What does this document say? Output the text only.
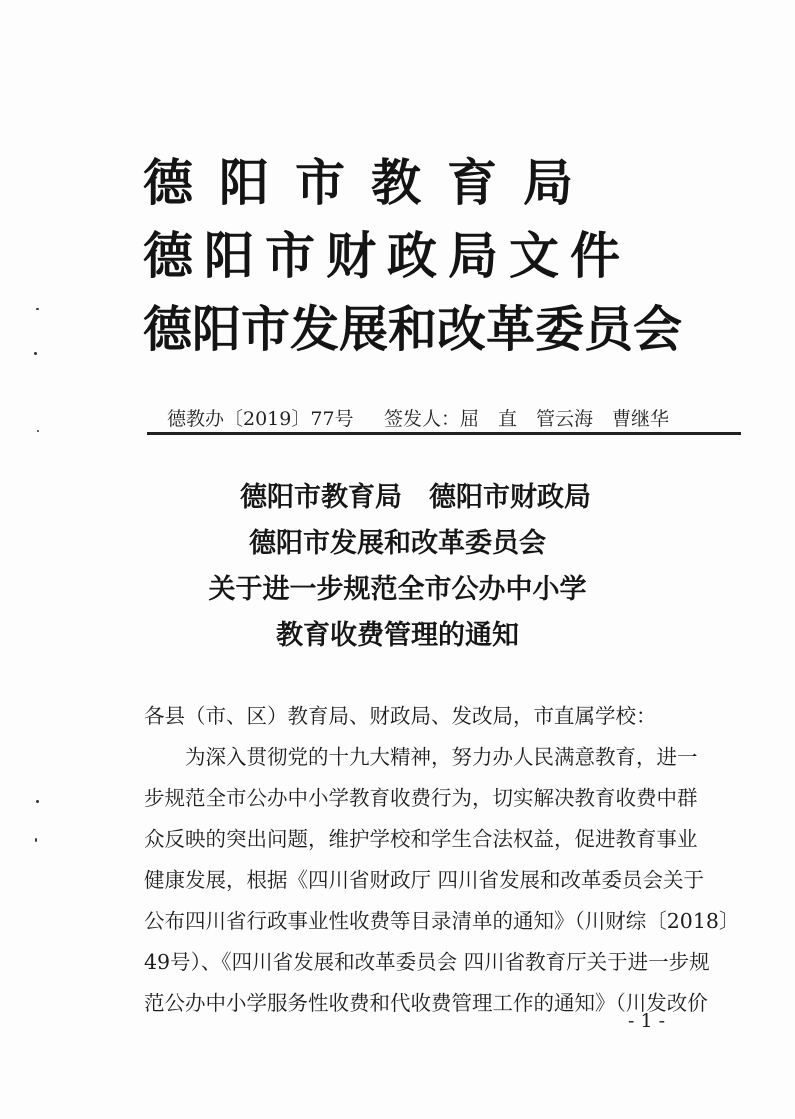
德阳市教育局
德阳市财政局文件
德阳市发展和改革委员会
德教办〔2019〕77号 签发人：屈　直　管云海　曹继华
德阳市教育局　德阳市财政局
德阳市发展和改革委员会
关于进一步规范全市公办中小学
教育收费管理的通知
各县（市、区）教育局、财政局、发改局，市直属学校：
为深入贯彻党的十九大精神，努力办人民满意教育，进一
步规范全市公办中小学教育收费行为，切实解决教育收费中群
众反映的突出问题，维护学校和学生合法权益，促进教育事业
健康发展，根据《四川省财政厅 四川省发展和改革委员会关于
公布四川省行政事业性收费等目录清单的通知》（川财综〔2018〕
49号）、《四川省发展和改革委员会 四川省教育厅关于进一步规
范公办中小学服务性收费和代收费管理工作的通知》（川发改价
- 1 -
